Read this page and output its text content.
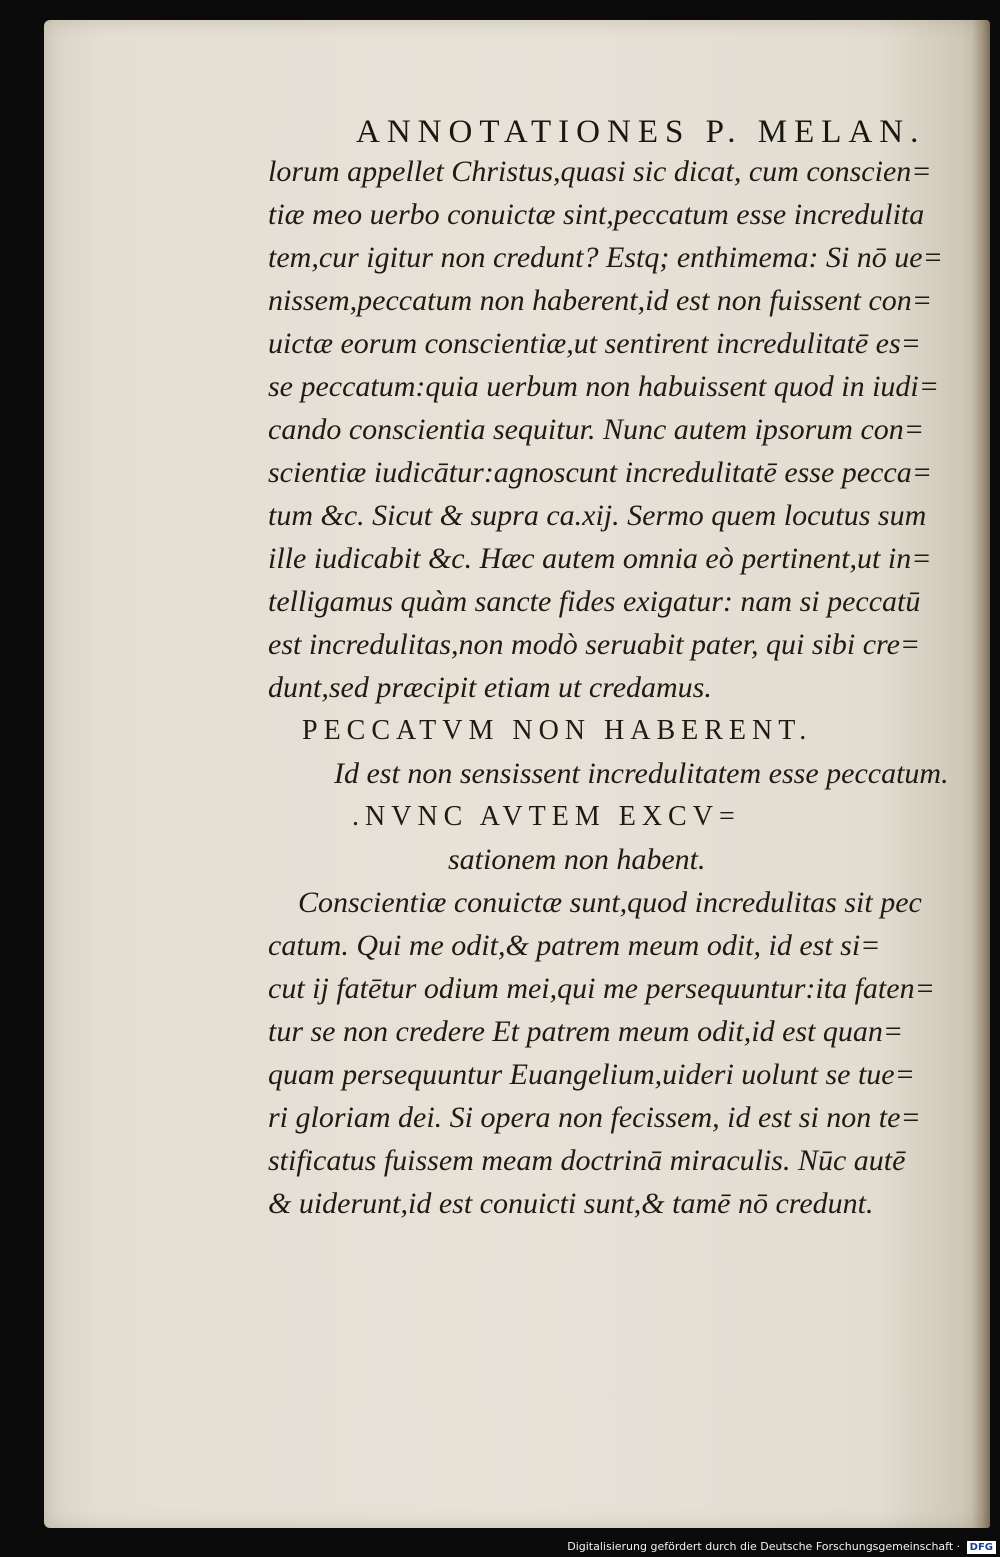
ANNOTATIONES P. MELAN.
lorum appellet Christus,quasi sic dicat, cum conscien=
tiæ meo uerbo conuictæ sint,peccatum esse incredulita
tem,cur igitur non credunt? Estq; enthimema: Si nō ue=
nissem,peccatum non haberent,id est non fuissent con=
uictæ eorum conscientiæ,ut sentirent incredulitatē es=
se peccatum:quia uerbum non habuissent quod in iudi=
cando conscientia sequitur. Nunc autem ipsorum con=
scientiæ iudicātur:agnoscunt incredulitatē esse pecca=
tum &c. Sicut & supra ca.xij. Sermo quem locutus sum
ille iudicabit &c. Hæc autem omnia eò pertinent,ut in=
telligamus quàm sancte fides exigatur: nam si peccatū
est incredulitas,non modò seruabit pater, qui sibi cre=
dunt,sed præcipit etiam ut credamus.
PECCATVM NON HABERENT.
Id est non sensissent incredulitatem esse peccatum.
.NVNC AVTEM EXCV=
sationem non habent.
Conscientiæ conuictæ sunt,quod incredulitas sit pec
catum. Qui me odit,& patrem meum odit, id est si=
cut ij fatētur odium mei,qui me persequuntur:ita faten=
tur se non credere Et patrem meum odit,id est quan=
quam persequuntur Euangelium,uideri uolunt se tue=
ri gloriam dei. Si opera non fecissem, id est si non te=
stificatus fuissem meam doctrinā miraculis. Nūc autē
& uiderunt,id est conuicti sunt,& tamē nō credunt.
Digitalisierung gefördert durch die Deutsche Forschungsgemeinschaft · DFG
